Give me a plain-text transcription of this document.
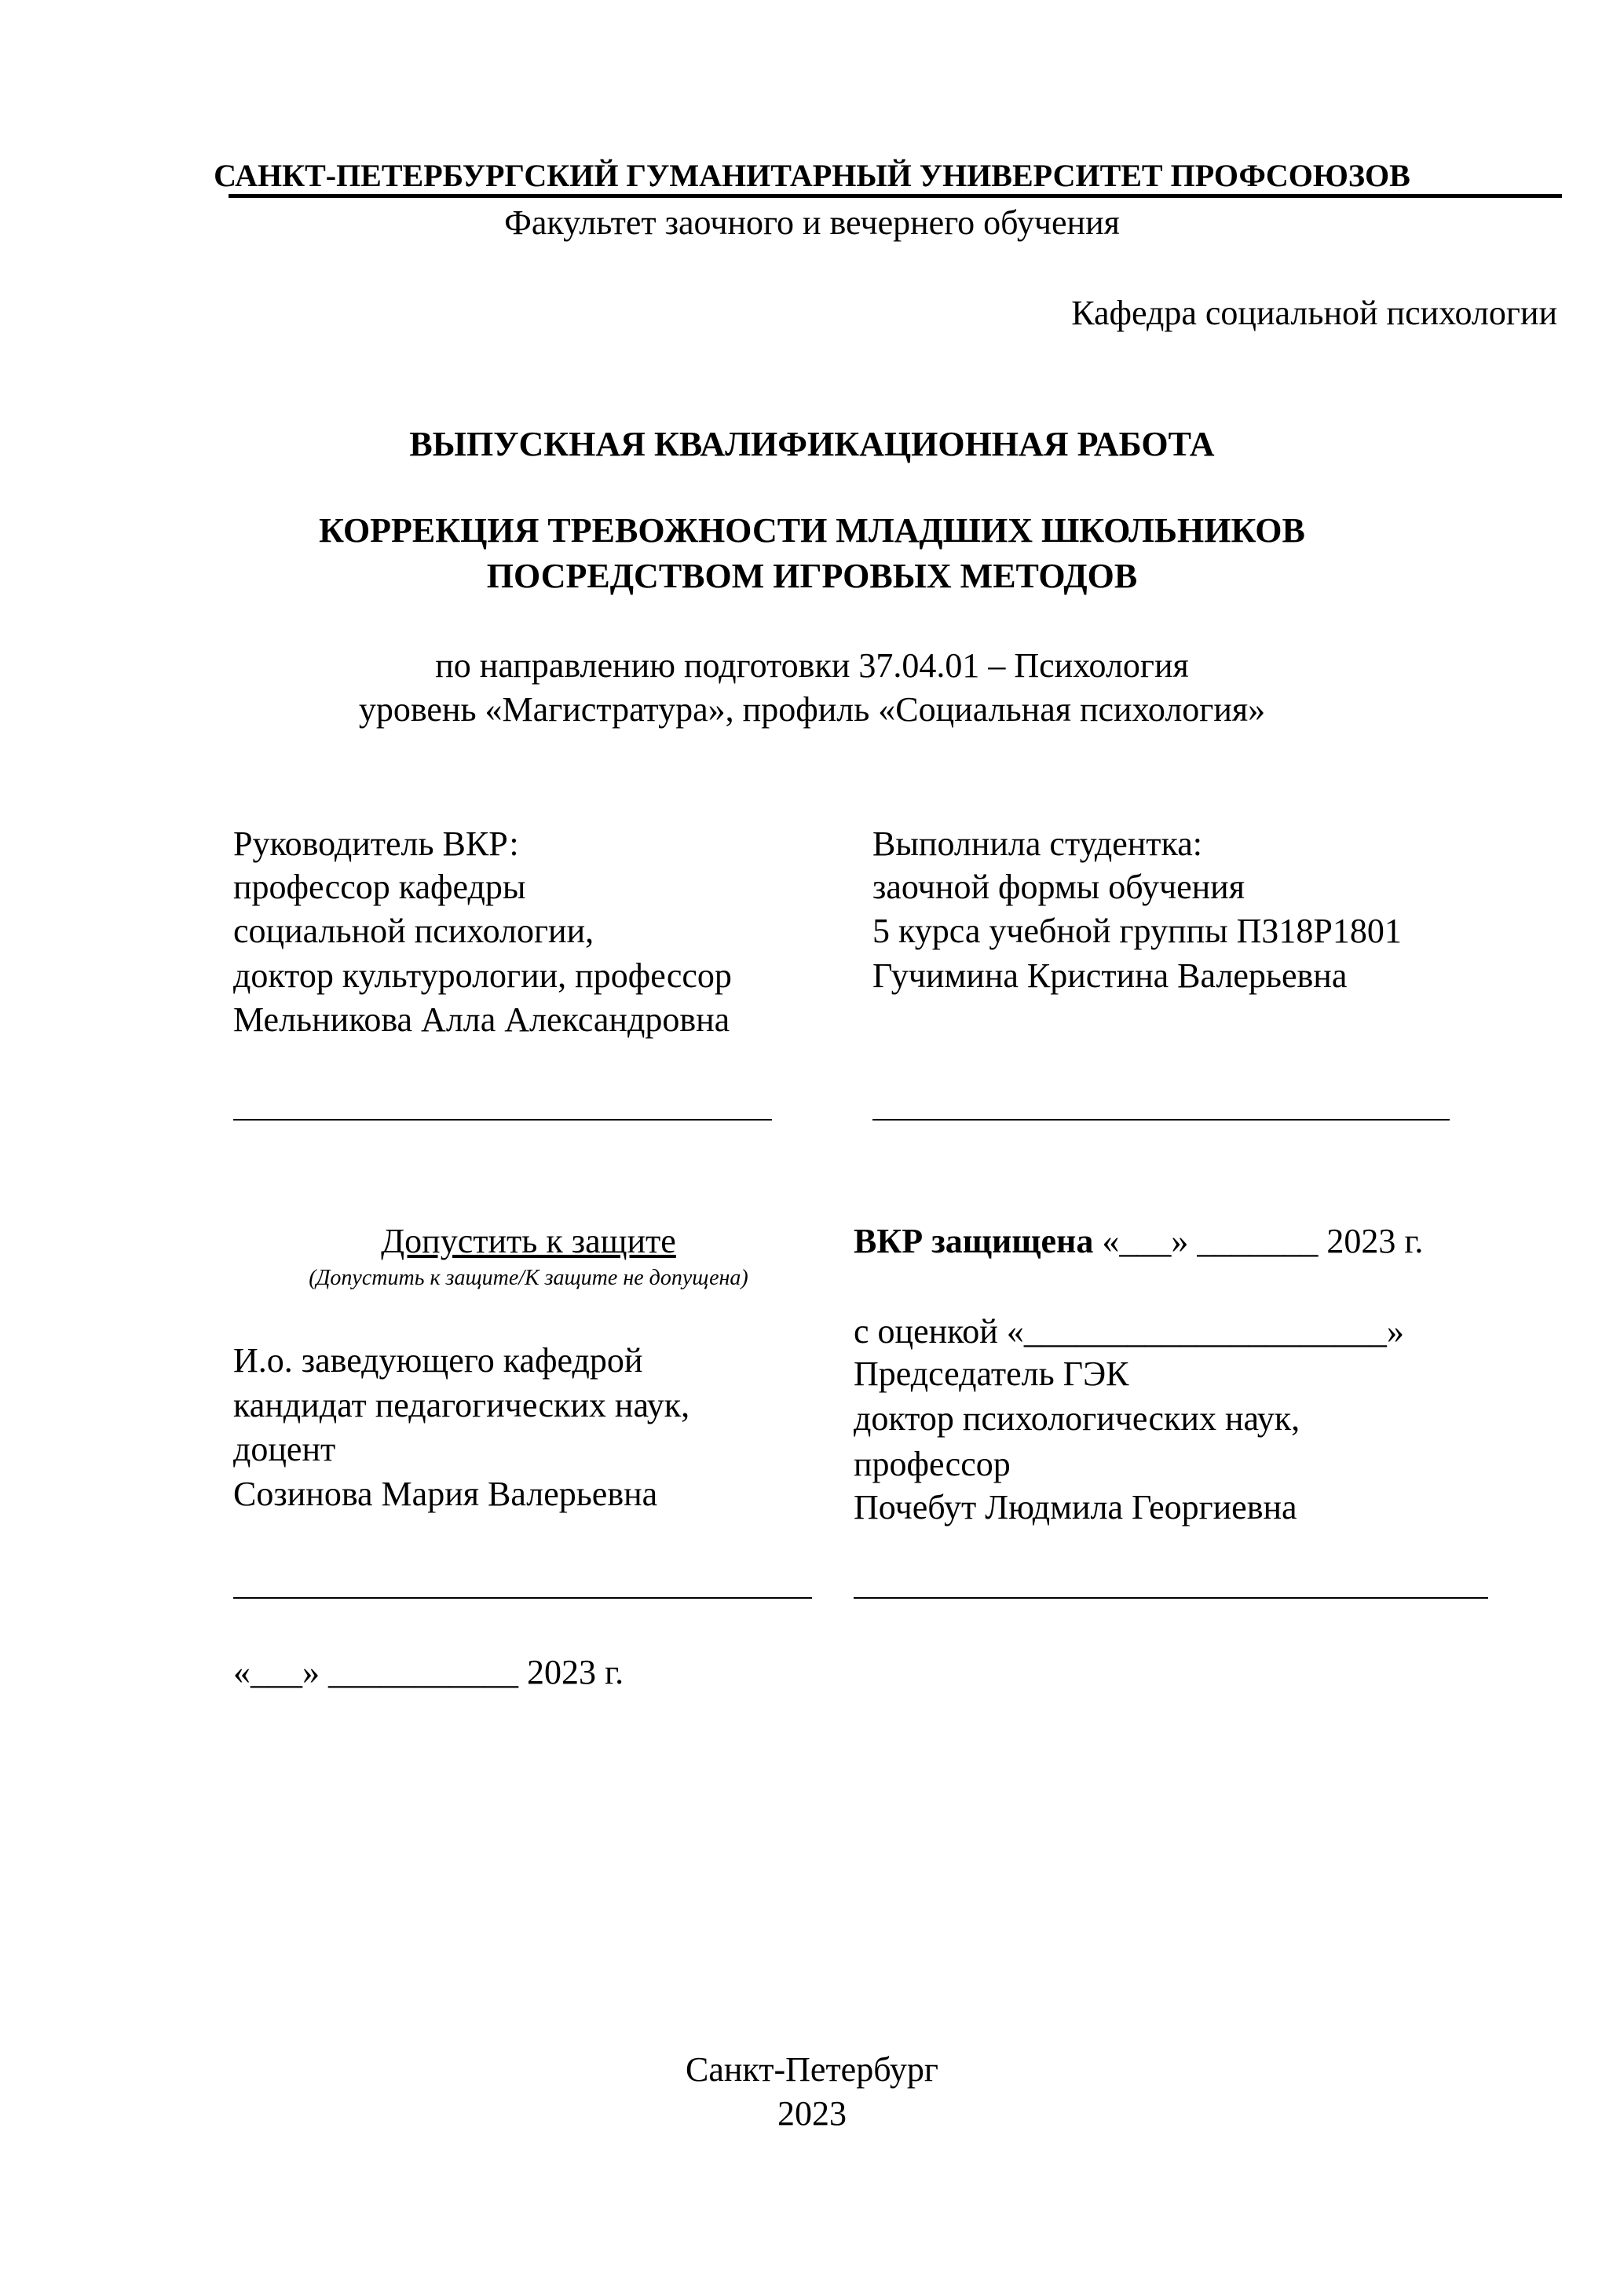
САНКТ-ПЕТЕРБУРГСКИЙ ГУМАНИТАРНЫЙ УНИВЕРСИТЕТ ПРОФСОЮЗОВ
Факультет заочного и вечернего обучения
Кафедра социальной психологии
ВЫПУСКНАЯ КВАЛИФИКАЦИОННАЯ РАБОТА
КОРРЕКЦИЯ ТРЕВОЖНОСТИ МЛАДШИХ ШКОЛЬНИКОВ
ПОСРЕДСТВОМ ИГРОВЫХ МЕТОДОВ
по направлению подготовки 37.04.01 – Психология
уровень «Магистратура», профиль «Социальная психология»
Руководитель ВКР:
профессор кафедры
социальной психологии,
доктор культурологии, профессор
Мельникова Алла Александровна
Выполнила студентка:
заочной формы обучения
5 курса учебной группы ПЗ18Р1801
Гучимина Кристина Валерьевна
Допустить к защите
(Допустить к защите/К защите не допущена)
И.о. заведующего кафедрой
кандидат педагогических наук,
доцент
Созинова Мария Валерьевна
«___» ___________ 2023 г.
ВКР защищена «___» _______ 2023 г.
с оценкой «_____________________»
Председатель ГЭК
доктор психологических наук,
профессор
Почебут Людмила Георгиевна
Санкт-Петербург
2023
